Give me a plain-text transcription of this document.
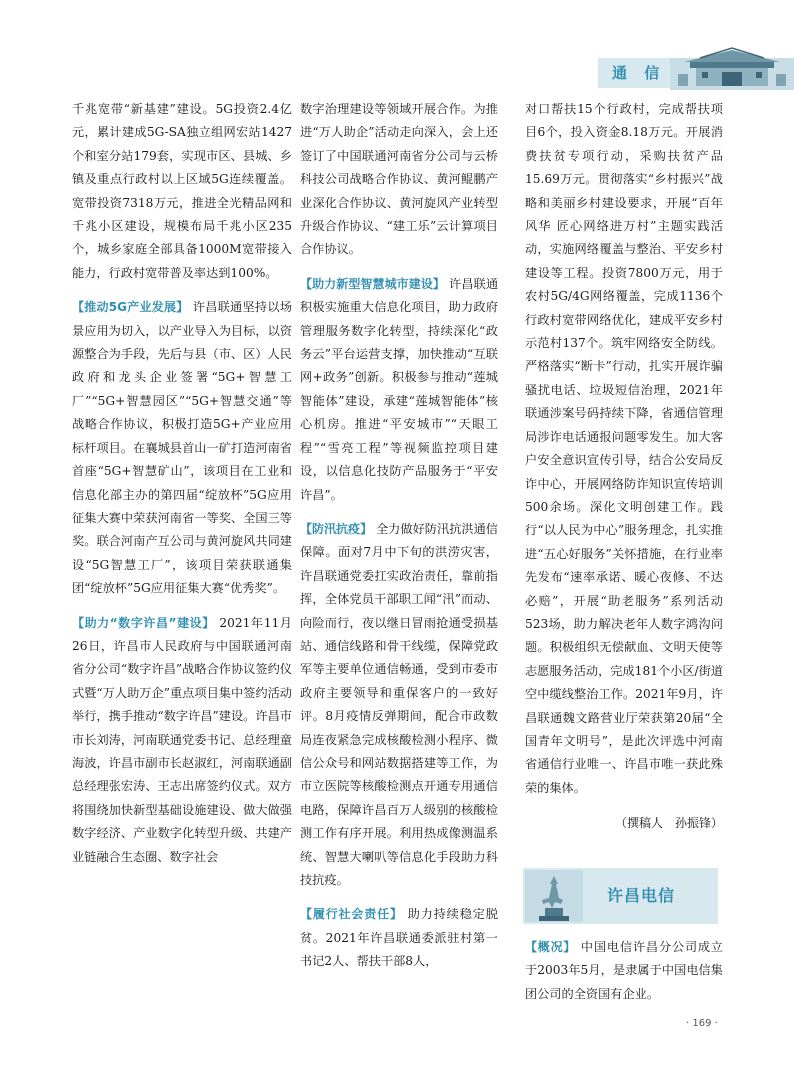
通 信

千兆宽带“新基建”建设。5G投资2.4亿元，累计建成5G-SA独立组网宏站1427个和室分站179套，实现市区、县城、乡镇及重点行政村以上区域5G连续覆盖。宽带投资7318万元，推进全光精品网和千兆小区建设，规模布局千兆小区235个，城乡家庭全部具备1000M宽带接入能力，行政村宽带普及率达到100%。

【推动5G产业发展】 许昌联通坚持以场景应用为切入，以产业导入为目标，以资源整合为手段，先后与县（市、区）人民政府和龙头企业签署“5G+智慧工厂”“5G+智慧园区”“5G+智慧交通”等战略合作协议，积极打造5G+产业应用标杆项目。在襄城县首山一矿打造河南省首座“5G+智慧矿山”，该项目在工业和信息化部主办的第四届“绽放杯”5G应用征集大赛中荣获河南省一等奖、全国三等奖。联合河南产互公司与黄河旋风共同建设“5G智慧工厂”，该项目荣获联通集团“绽放杯”5G应用征集大赛“优秀奖”。

【助力“数字许昌”建设】 2021年11月26日，许昌市人民政府与中国联通河南省分公司“数字许昌”战略合作协议签约仪式暨“万人助万企”重点项目集中签约活动举行，携手推动“数字许昌”建设。许昌市市长刘涛，河南联通党委书记、总经理童海波，许昌市副市长赵淑红，河南联通副总经理张宏涛、王志出席签约仪式。双方将围绕加快新型基础设施建设、做大做强数字经济、产业数字化转型升级、共建产业链融合生态圈、数字社会

数字治理建设等领域开展合作。为推进“万人助企”活动走向深入，会上还签订了中国联通河南省分公司与云桥科技公司战略合作协议、黄河鲲鹏产业深化合作协议、黄河旋风产业转型升级合作协议、“建工乐”云计算项目合作协议。

【助力新型智慧城市建设】 许昌联通积极实施重大信息化项目，助力政府管理服务数字化转型，持续深化“政务云”平台运营支撑，加快推动“互联网+政务”创新。积极参与推动“莲城智能体”建设，承建“莲城智能体”核心机房。推进“平安城市”“天眼工程”“雪亮工程”等视频监控项目建设，以信息化技防产品服务于“平安许昌”。

【防汛抗疫】 全力做好防汛抗洪通信保障。面对7月中下旬的洪涝灾害，许昌联通党委扛实政治责任，靠前指挥，全体党员干部职工闻“汛”而动、向险而行，夜以继日冒雨抢通受损基站、通信线路和骨干线缆，保障党政军等主要单位通信畅通，受到市委市政府主要领导和重保客户的一致好评。8月疫情反弹期间，配合市政数局连夜紧急完成核酸检测小程序、微信公众号和网站数据搭建等工作，为市立医院等核酸检测点开通专用通信电路，保障许昌百万人级别的核酸检测工作有序开展。利用热成像测温系统、智慧大喇叭等信息化手段助力科技抗疫。

【履行社会责任】 助力持续稳定脱贫。2021年许昌联通委派驻村第一书记2人、帮扶干部8人，

对口帮扶15个行政村，完成帮扶项目6个，投入资金8.18万元。开展消费扶贫专项行动，采购扶贫产品15.69万元。贯彻落实“乡村振兴”战略和美丽乡村建设要求，开展“百年风华 匠心网络进万村”主题实践活动，实施网络覆盖与整治、平安乡村建设等工程。投资7800万元，用于农村5G/4G网络覆盖，完成1136个行政村宽带网络优化，建成平安乡村示范村137个。筑牢网络安全防线。严格落实“断卡”行动，扎实开展诈骗骚扰电话、垃圾短信治理，2021年联通涉案号码持续下降，省通信管理局涉诈电话通报问题零发生。加大客户安全意识宣传引导，结合公安局反诈中心，开展网络防诈知识宣传培训500余场。深化文明创建工作。践行“以人民为中心”服务理念，扎实推进“五心好服务”关怀措施，在行业率先发布“速率承诺、暖心夜修、不达必赔”，开展“助老服务”系列活动523场，助力解决老年人数字鸿沟问题。积极组织无偿献血、文明天使等志愿服务活动，完成181个小区/街道空中缆线整治工作。2021年9月，许昌联通魏文路营业厅荣获第20届“全国青年文明号”，是此次评选中河南省通信行业唯一、许昌市唯一获此殊荣的集体。

（撰稿人　孙振锋）
许昌电信
【概况】 中国电信许昌分公司成立于2003年5月，是隶属于中国电信集团公司的全资国有企业。
· 169 ·
